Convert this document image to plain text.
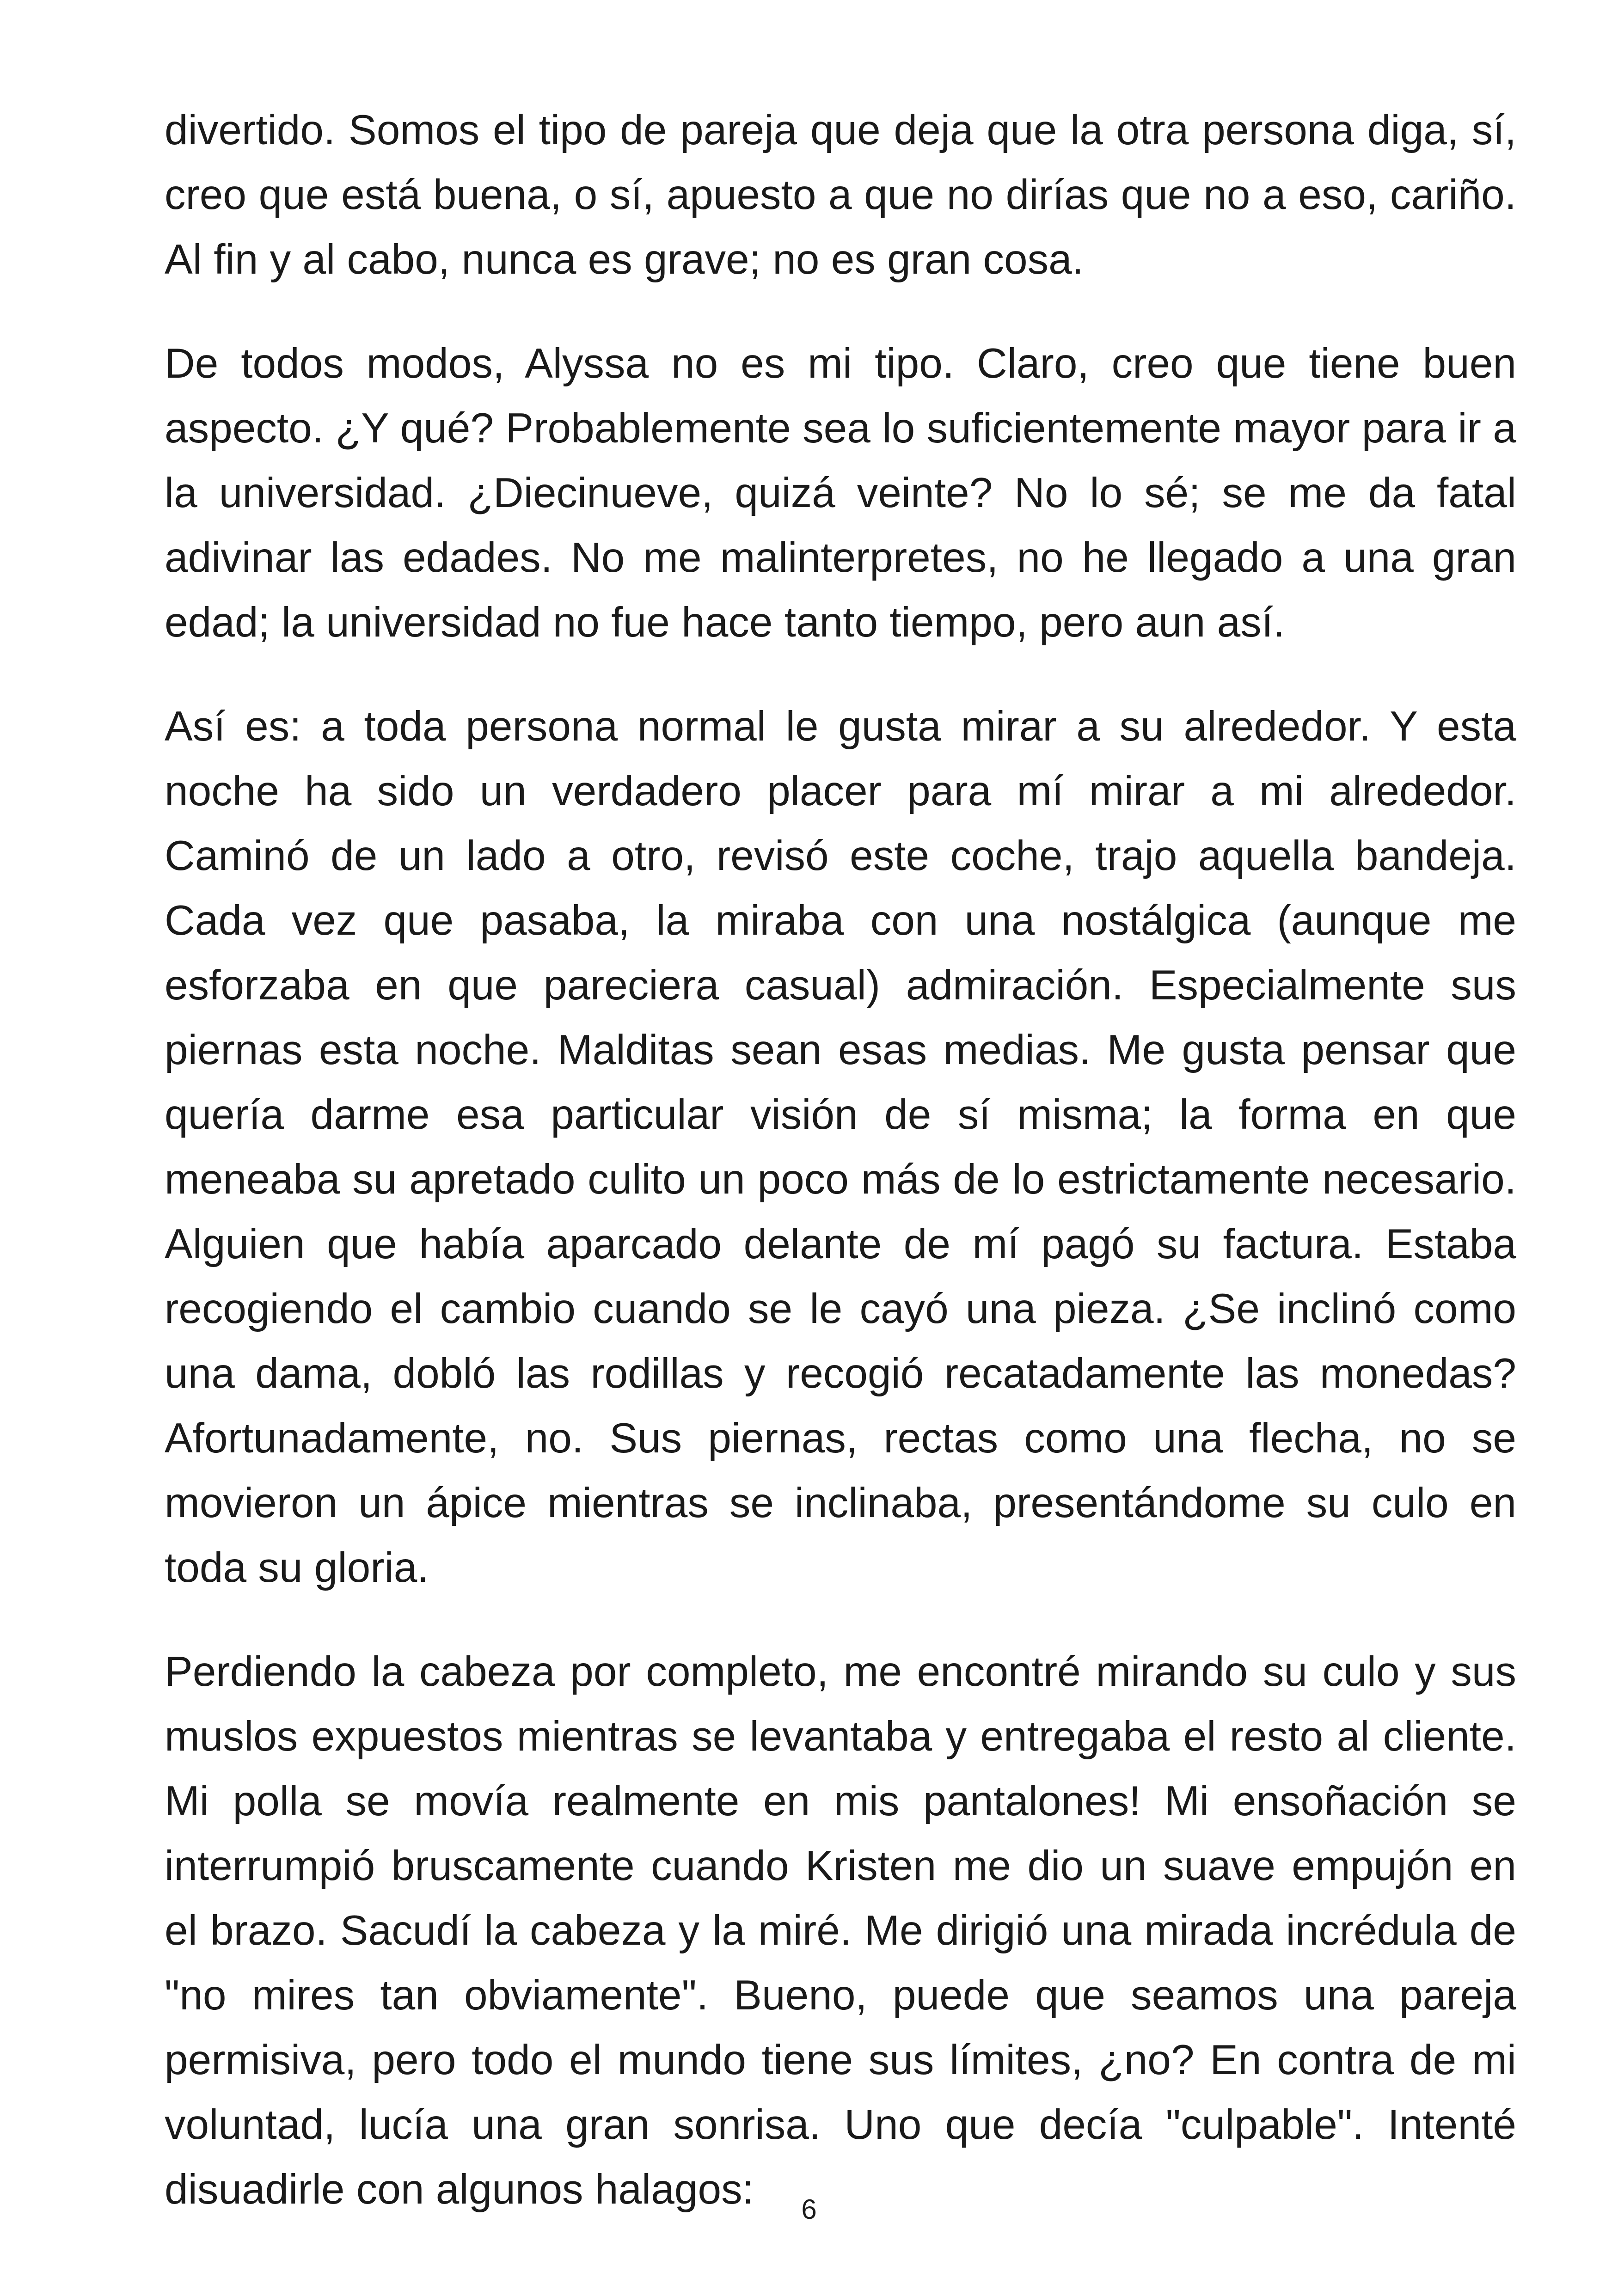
divertido. Somos el tipo de pareja que deja que la otra persona diga, sí, creo que está buena, o sí, apuesto a que no dirías que no a eso, cariño. Al fin y al cabo, nunca es grave; no es gran cosa.

De todos modos, Alyssa no es mi tipo. Claro, creo que tiene buen aspecto. ¿Y qué? Probablemente sea lo suficientemente mayor para ir a la universidad. ¿Diecinueve, quizá veinte? No lo sé; se me da fatal adivinar las edades. No me malinterpretes, no he llegado a una gran edad; la universidad no fue hace tanto tiempo, pero aun así.

Así es: a toda persona normal le gusta mirar a su alrededor. Y esta noche ha sido un verdadero placer para mí mirar a mi alrededor. Caminó de un lado a otro, revisó este coche, trajo aquella bandeja. Cada vez que pasaba, la miraba con una nostálgica (aunque me esforzaba en que pareciera casual) admiración. Especialmente sus piernas esta noche. Malditas sean esas medias. Me gusta pensar que quería darme esa particular visión de sí misma; la forma en que meneaba su apretado culito un poco más de lo estrictamente necesario. Alguien que había aparcado delante de mí pagó su factura. Estaba recogiendo el cambio cuando se le cayó una pieza. ¿Se inclinó como una dama, dobló las rodillas y recogió recatadamente las monedas? Afortunadamente, no. Sus piernas, rectas como una flecha, no se movieron un ápice mientras se inclinaba, presentándome su culo en toda su gloria.

Perdiendo la cabeza por completo, me encontré mirando su culo y sus muslos expuestos mientras se levantaba y entregaba el resto al cliente. Mi polla se movía realmente en mis pantalones! Mi ensoñación se interrumpió bruscamente cuando Kristen me dio un suave empujón en el brazo. Sacudí la cabeza y la miré. Me dirigió una mirada incrédula de "no mires tan obviamente". Bueno, puede que seamos una pareja permisiva, pero todo el mundo tiene sus límites, ¿no? En contra de mi voluntad, lucía una gran sonrisa. Uno que decía "culpable". Intenté disuadirle con algunos halagos:	6
